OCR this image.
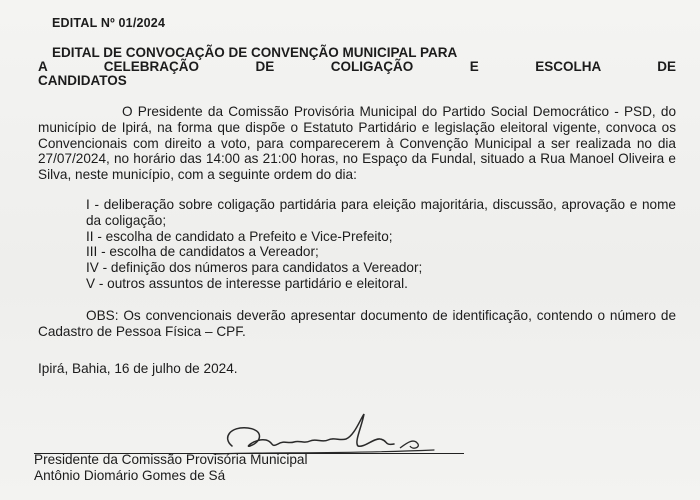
EDITAL Nº 01/2024
EDITAL DE CONVOCAÇÃO DE CONVENÇÃO MUNICIPAL PARA
A CELEBRAÇÃO DE COLIGAÇÃO E ESCOLHA DE
CANDIDATOS

O Presidente da Comissão Provisória Municipal do Partido Social Democrático - PSD, do município de Ipirá, na forma que dispõe o Estatuto Partidário e legislação eleitoral vigente, convoca os Convencionais com direito a voto, para comparecerem à Convenção Municipal a ser realizada no dia 27/07/2024, no horário das 14:00 as 21:00 horas, no Espaço da Fundal, situado a Rua Manoel Oliveira e Silva, neste município, com a seguinte ordem do dia:

I - deliberação sobre coligação partidária para eleição majoritária, discussão, aprovação e nome da coligação;
II - escolha de candidato a Prefeito e Vice-Prefeito;
III - escolha de candidatos a Vereador;
IV - definição dos números para candidatos a Vereador;
V - outros assuntos de interesse partidário e eleitoral.

OBS: Os convencionais deverão apresentar documento de identificação, contendo o número de Cadastro de Pessoa Física – CPF.

Ipirá, Bahia, 16 de julho de 2024.
Presidente da Comissão Provisória Municipal
Antônio Diomário Gomes de Sá
